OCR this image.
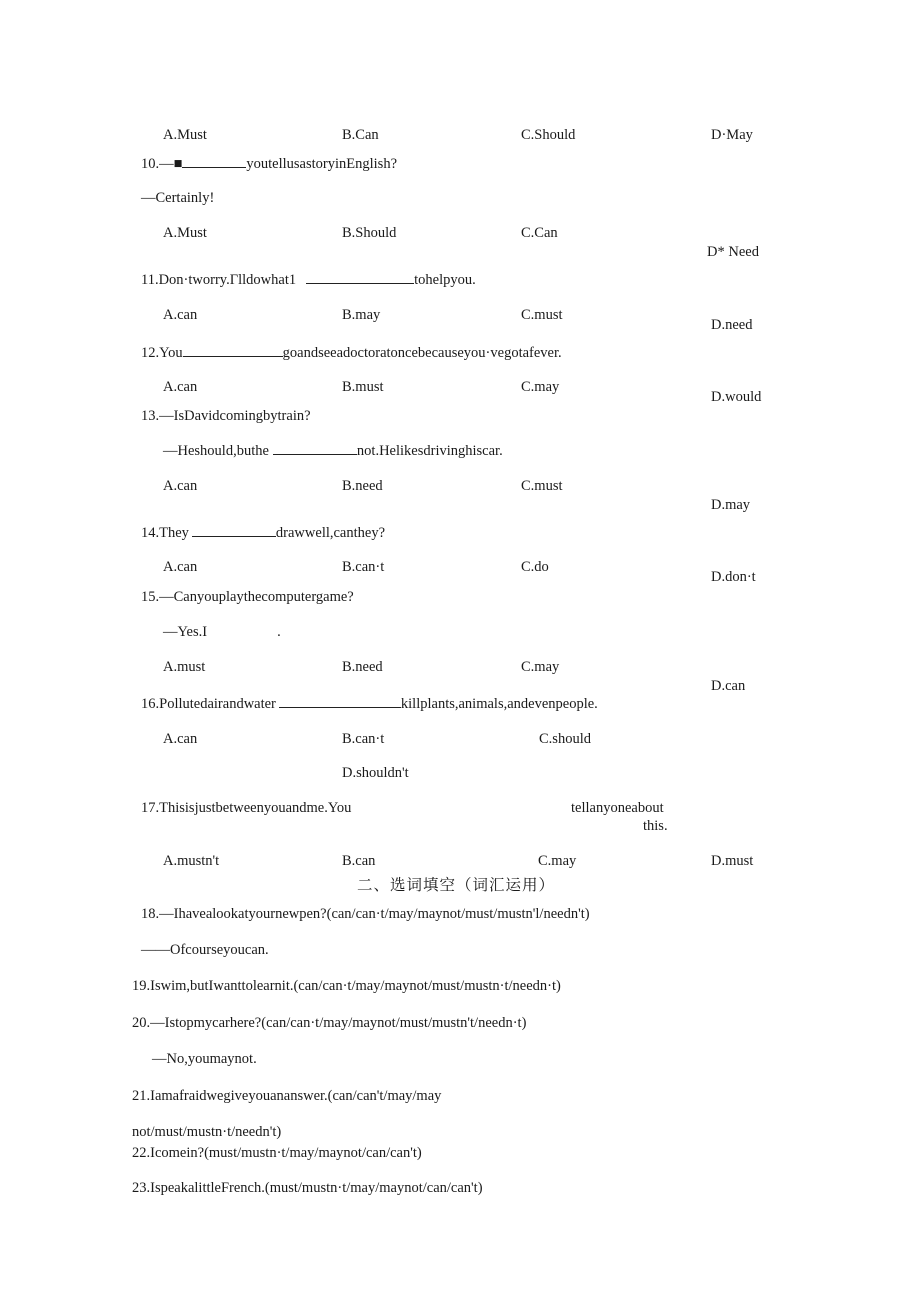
A.Must	B.Can	C.Should	D·May
10.—■	youtellusastoryinEnglish?
—Certainly!
A.Must	B.Should	C.Can
D* Need
11.Don·tworry.Γlldowhat1	tohelpyou.
A.can	B.may	C.must
D.need
12.You	goandseeadoctoratoncebecauseyou·vegotafever.
A.can	B.must	C.may
D.would
13.—IsDavidcomingbytrain?
—Heshould,buthe	not.Helikesdrivinghiscar.
A.can	B.need	C.must
D.may
14.They	drawwell,canthey?
A.can	B.can·t	C.do
D.don·t
15.—Canyouplaythecomputergame?
—Yes.I	.
A.must	B.need	C.may
D.can
16.Pollutedairandwater	killplants,animals,andevenpeople.
A.can	B.can·t	C.should
D.shouldn't
17.Thisisjustbetweenyouandme.You	tellanyoneabout
this.
A.mustn't	B.can	C.may	D.must
二、选词填空（词汇运用）
18.—Ihavealookatyournewpen?(can/can·t/may/maynot/must/mustn'l/needn't)
——Ofcourseyoucan.
19.Iswim,butIwanttolearnit.(can/can·t/may/maynot/must/mustn·t/needn·t)
20.—Istopmycarhere?(can/can·t/may/maynot/must/mustn't/needn·t)
—No,youmaynot.
21.Iamafraidwegiveyouananswer.(can/can't/may/may
not/must/mustn·t/needn't)
22.Icomein?(must/mustn·t/may/maynot/can/can't)
23.IspeakalittleFrench.(must/mustn·t/may/maynot/can/can't)
